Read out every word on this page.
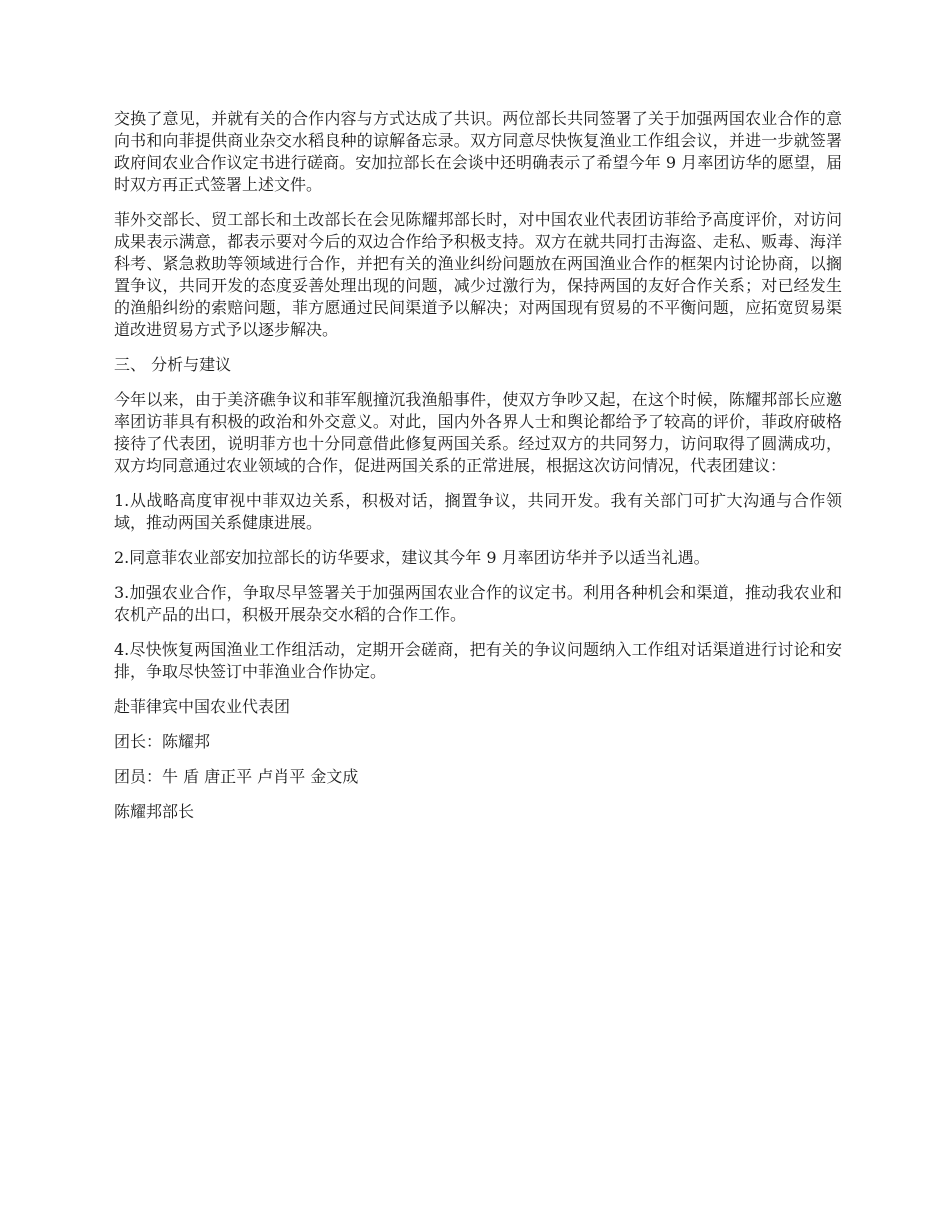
交换了意见，并就有关的合作内容与方式达成了共识。两位部长共同签署了关于加强两国农业合作的意向书和向菲提供商业杂交水稻良种的谅解备忘录。双方同意尽快恢复渔业工作组会议，并进一步就签署政府间农业合作议定书进行磋商。安加拉部长在会谈中还明确表示了希望今年 9 月率团访华的愿望，届时双方再正式签署上述文件。

菲外交部长、贸工部长和土改部长在会见陈耀邦部长时，对中国农业代表团访菲给予高度评价，对访问成果表示满意，都表示要对今后的双边合作给予积极支持。双方在就共同打击海盗、走私、贩毒、海洋科考、紧急救助等领域进行合作，并把有关的渔业纠纷问题放在两国渔业合作的框架内讨论协商，以搁置争议，共同开发的态度妥善处理出现的问题，减少过激行为，保持两国的友好合作关系；对已经发生的渔船纠纷的索赔问题，菲方愿通过民间渠道予以解决；对两国现有贸易的不平衡问题，应拓宽贸易渠道改进贸易方式予以逐步解决。

三、 分析与建议

今年以来，由于美济礁争议和菲军舰撞沉我渔船事件，使双方争吵又起，在这个时候，陈耀邦部长应邀率团访菲具有积极的政治和外交意义。对此，国内外各界人士和舆论都给予了较高的评价，菲政府破格接待了代表团，说明菲方也十分同意借此修复两国关系。经过双方的共同努力，访问取得了圆满成功，双方均同意通过农业领域的合作，促进两国关系的正常进展，根据这次访问情况，代表团建议：

1.从战略高度审视中菲双边关系，积极对话，搁置争议，共同开发。我有关部门可扩大沟通与合作领域，推动两国关系健康进展。

2.同意菲农业部安加拉部长的访华要求，建议其今年 9 月率团访华并予以适当礼遇。

3.加强农业合作，争取尽早签署关于加强两国农业合作的议定书。利用各种机会和渠道，推动我农业和农机产品的出口，积极开展杂交水稻的合作工作。

4.尽快恢复两国渔业工作组活动，定期开会磋商，把有关的争议问题纳入工作组对话渠道进行讨论和安排，争取尽快签订中菲渔业合作协定。

赴菲律宾中国农业代表团

团长：陈耀邦

团员：牛 盾 唐正平 卢肖平 金文成

陈耀邦部长
